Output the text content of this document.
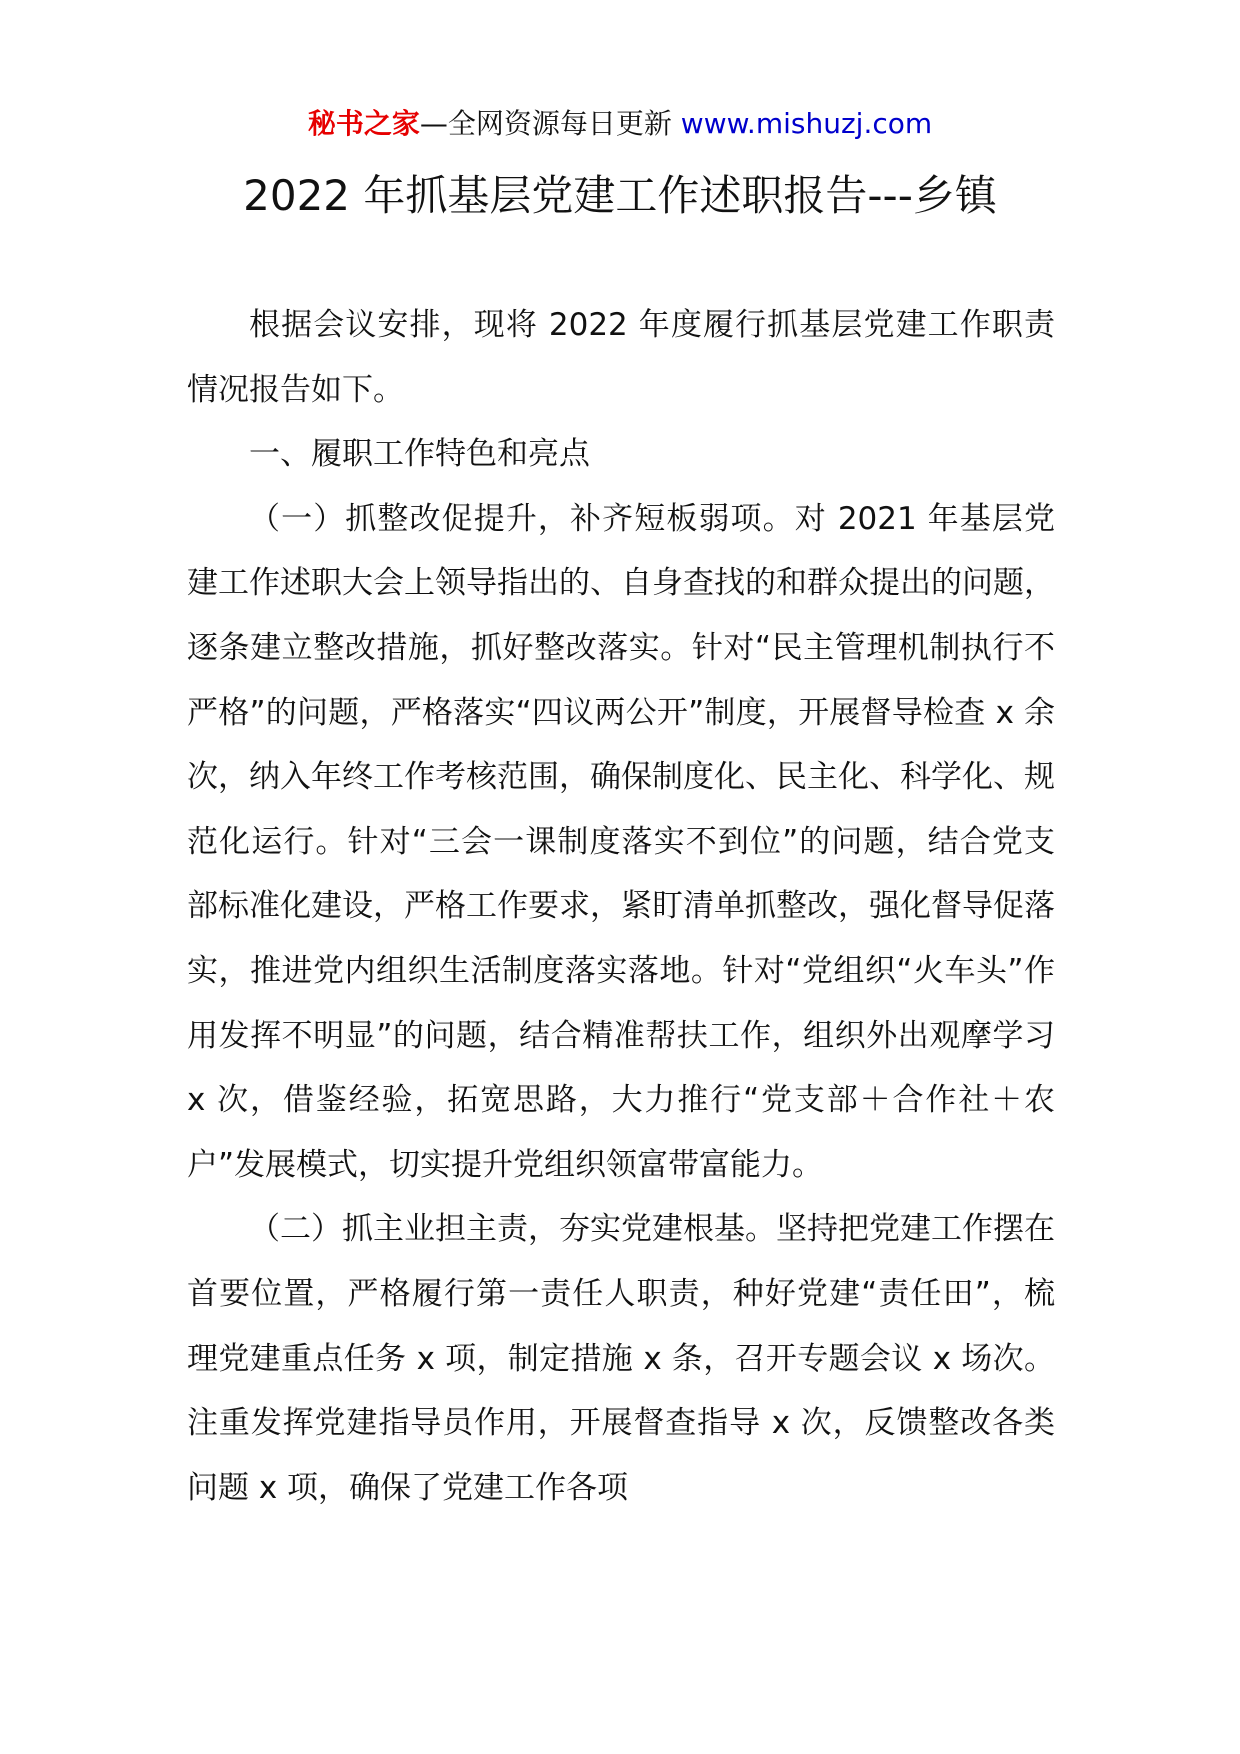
秘书之家—全网资源每日更新 www.mishuzj.com
2022 年抓基层党建工作述职报告---乡镇

根据会议安排，现将 2022 年度履行抓基层党建工作职责情况报告如下。

一、履职工作特色和亮点

（一）抓整改促提升，补齐短板弱项。对 2021 年基层党建工作述职大会上领导指出的、自身查找的和群众提出的问题，逐条建立整改措施，抓好整改落实。针对“民主管理机制执行不严格”的问题，严格落实“四议两公开”制度，开展督导检查 x 余次，纳入年终工作考核范围，确保制度化、民主化、科学化、规范化运行。针对“三会一课制度落实不到位”的问题，结合党支部标准化建设，严格工作要求，紧盯清单抓整改，强化督导促落实，推进党内组织生活制度落实落地。针对“党组织“火车头”作用发挥不明显”的问题，结合精准帮扶工作，组织外出观摩学习 x 次，借鉴经验，拓宽思路，大力推行“党支部＋合作社＋农户”发展模式，切实提升党组织领富带富能力。

（二）抓主业担主责，夯实党建根基。坚持把党建工作摆在首要位置，严格履行第一责任人职责，种好党建“责任田”，梳理党建重点任务 x 项，制定措施 x 条，召开专题会议 x 场次。注重发挥党建指导员作用，开展督查指导 x 次，反馈整改各类问题 x 项，确保了党建工作各项
